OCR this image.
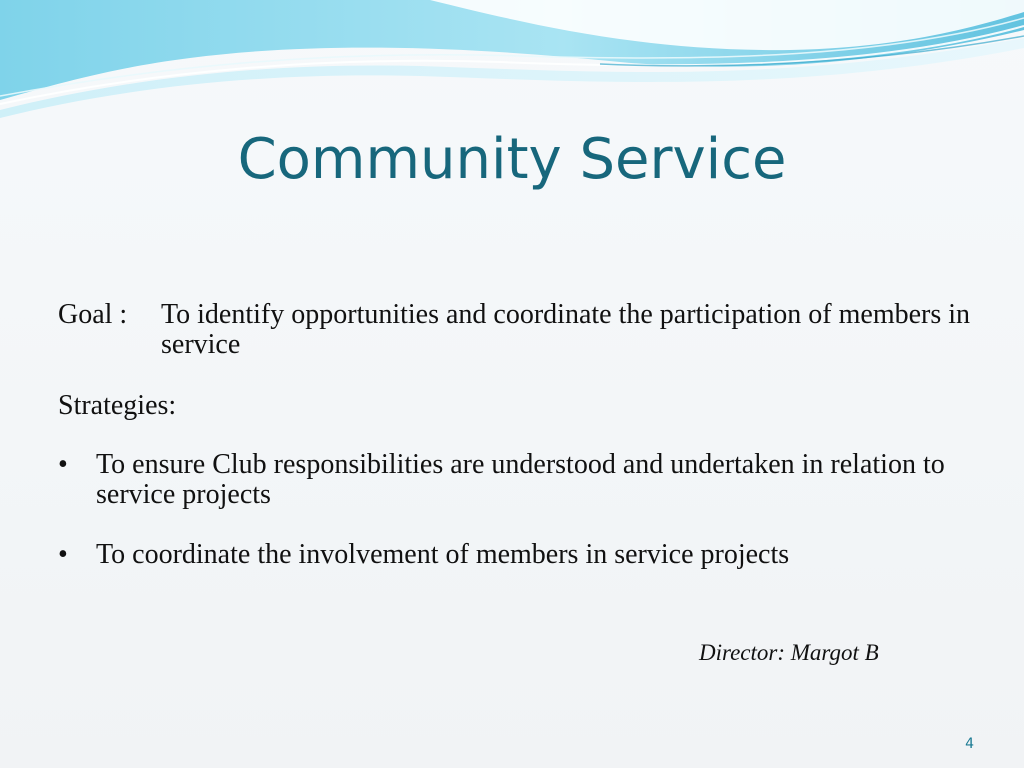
Community Service
Goal : To identify opportunities and coordinate the participation of members in service
Strategies:
•	To ensure Club responsibilities are understood and undertaken in relation to service projects
•	To coordinate the involvement of members in service projects
Director: Margot B
4
